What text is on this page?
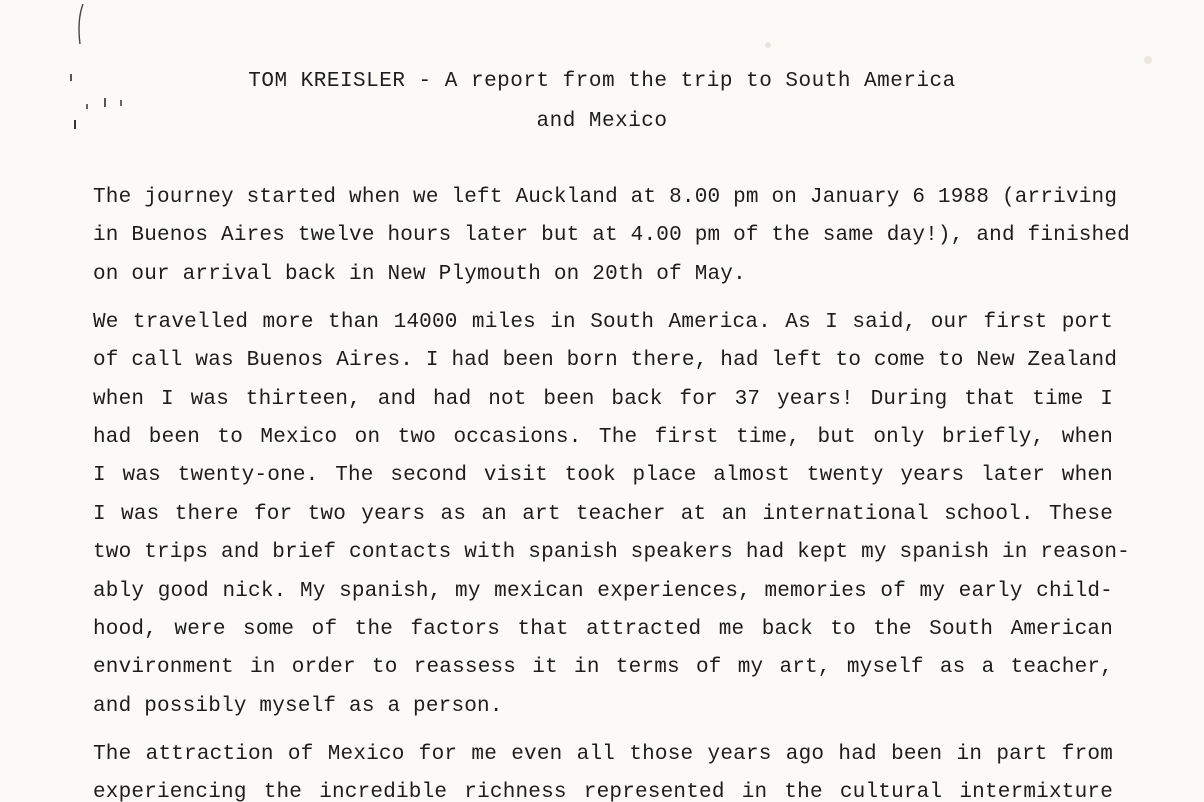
TOM KREISLER - A report from the trip to South America
and Mexico
The journey started when we left Auckland at 8.00 pm on January 6 1988 (arriving
in Buenos Aires twelve hours later but at 4.00 pm of the same day!), and finished
on our arrival back in New Plymouth on 20th of May.
We travelled more than 14000 miles in South America. As I said, our first port
of call was Buenos Aires. I had been born there, had left to come to New Zealand
when I was thirteen, and had not been back for 37 years! During that time I
had been to Mexico on two occasions. The first time, but only briefly, when
I was twenty-one. The second visit took place almost twenty years later when
I was there for two years as an art teacher at an international school. These
two trips and brief contacts with spanish speakers had kept my spanish in reason-
ably good nick. My spanish, my mexican experiences, memories of my early child-
hood, were some of the factors that attracted me back to the South American
environment in order to reassess it in terms of my art, myself as a teacher,
and possibly myself as a person.
The attraction of Mexico for me even all those years ago had been in part from
experiencing the incredible richness represented in the cultural intermixture
